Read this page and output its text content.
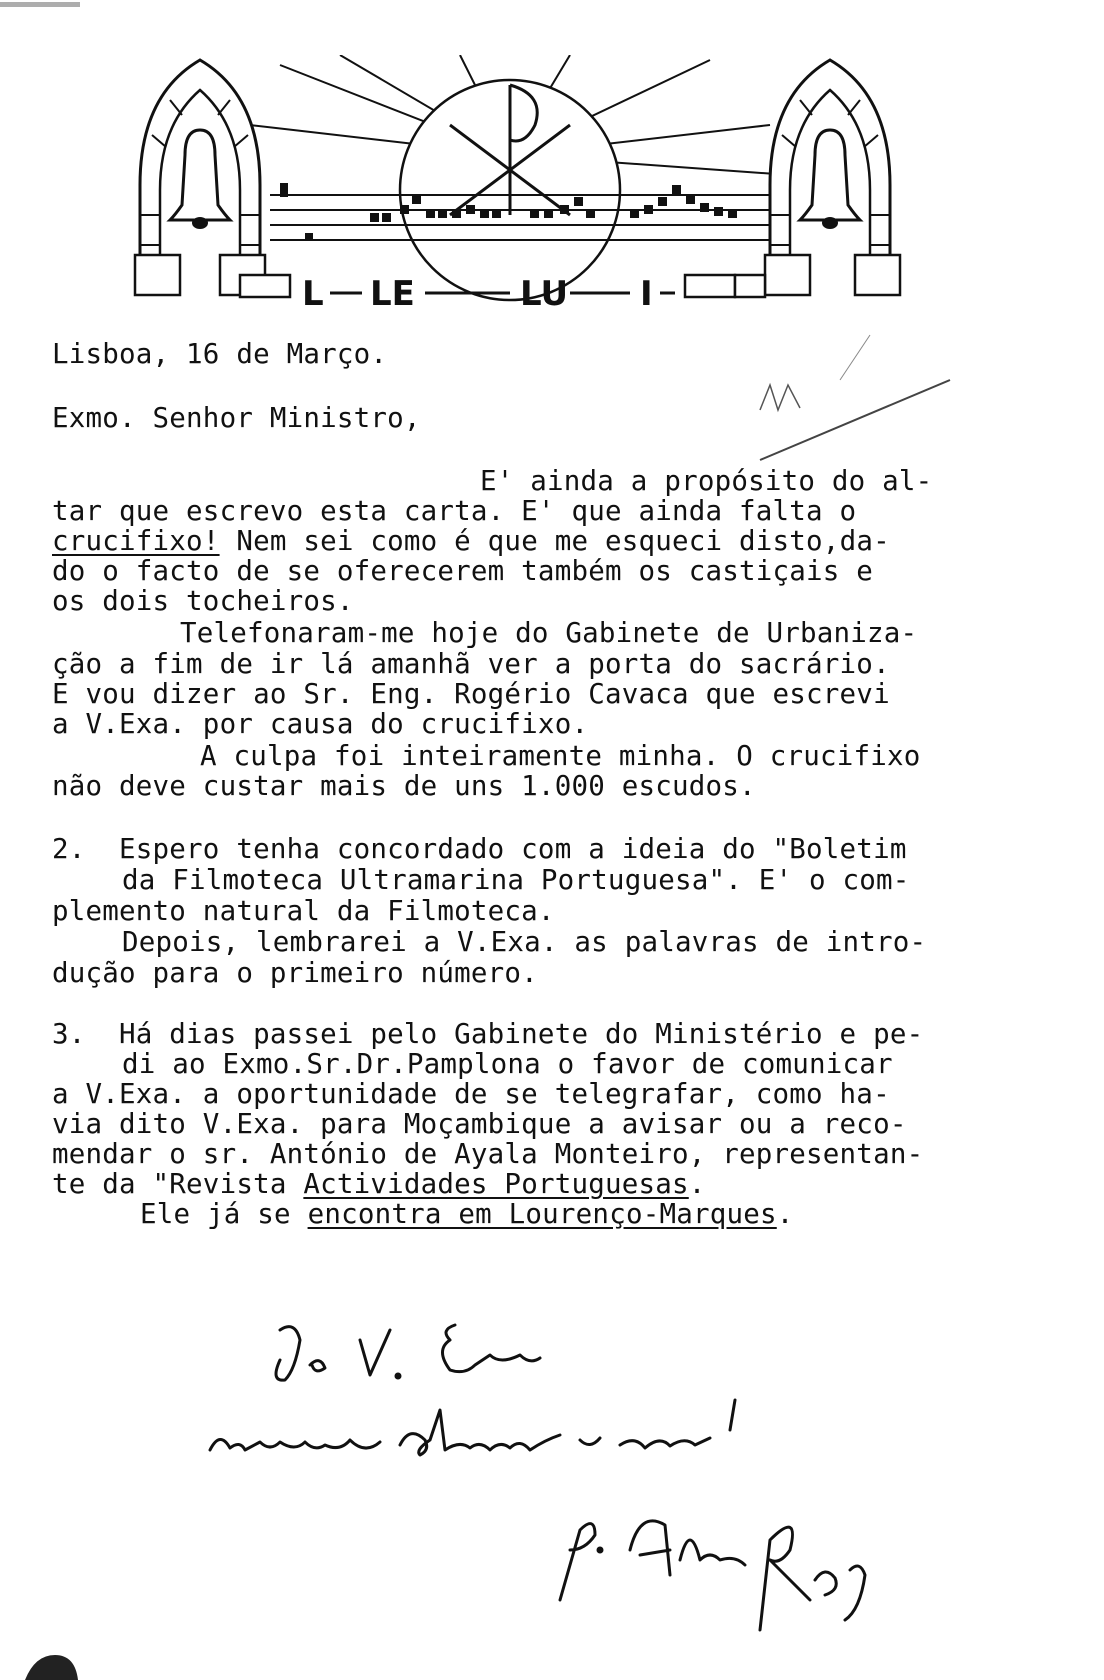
L LE	LU I

Lisboa, 16 de Março.

Exmo. Senhor Ministro,

E' ainda a propósito do al-

tar que escrevo esta carta. E' que ainda falta o

crucifixo! Nem sei como é que me esqueci disto,da-

do o facto de se oferecerem também os castiçais e

os dois tocheiros.

Telefonaram-me hoje do Gabinete de Urbaniza-

ção a fim de ir lá amanhã ver a porta do sacrário.

E vou dizer ao Sr. Eng. Rogério Cavaca que escrevi

a V.Exa. por causa do crucifixo.

A culpa foi inteiramente minha. O crucifixo

não deve custar mais de uns 1.000 escudos.

2.  Espero tenha concordado com a ideia do "Boletim

da Filmoteca Ultramarina Portuguesa". E' o com-

plemento natural da Filmoteca.

Depois, lembrarei a V.Exa. as palavras de intro-

dução para o primeiro número.

3.  Há dias passei pelo Gabinete do Ministério e pe-

di ao Exmo.Sr.Dr.Pamplona o favor de comunicar

a V.Exa. a oportunidade de se telegrafar, como ha-

via dito V.Exa. para Moçambique a avisar ou a reco-

mendar o sr. António de Ayala Monteiro, representan-

te da "Revista Actividades Portuguesas.

Ele já se encontra em Lourenço-Marques.
